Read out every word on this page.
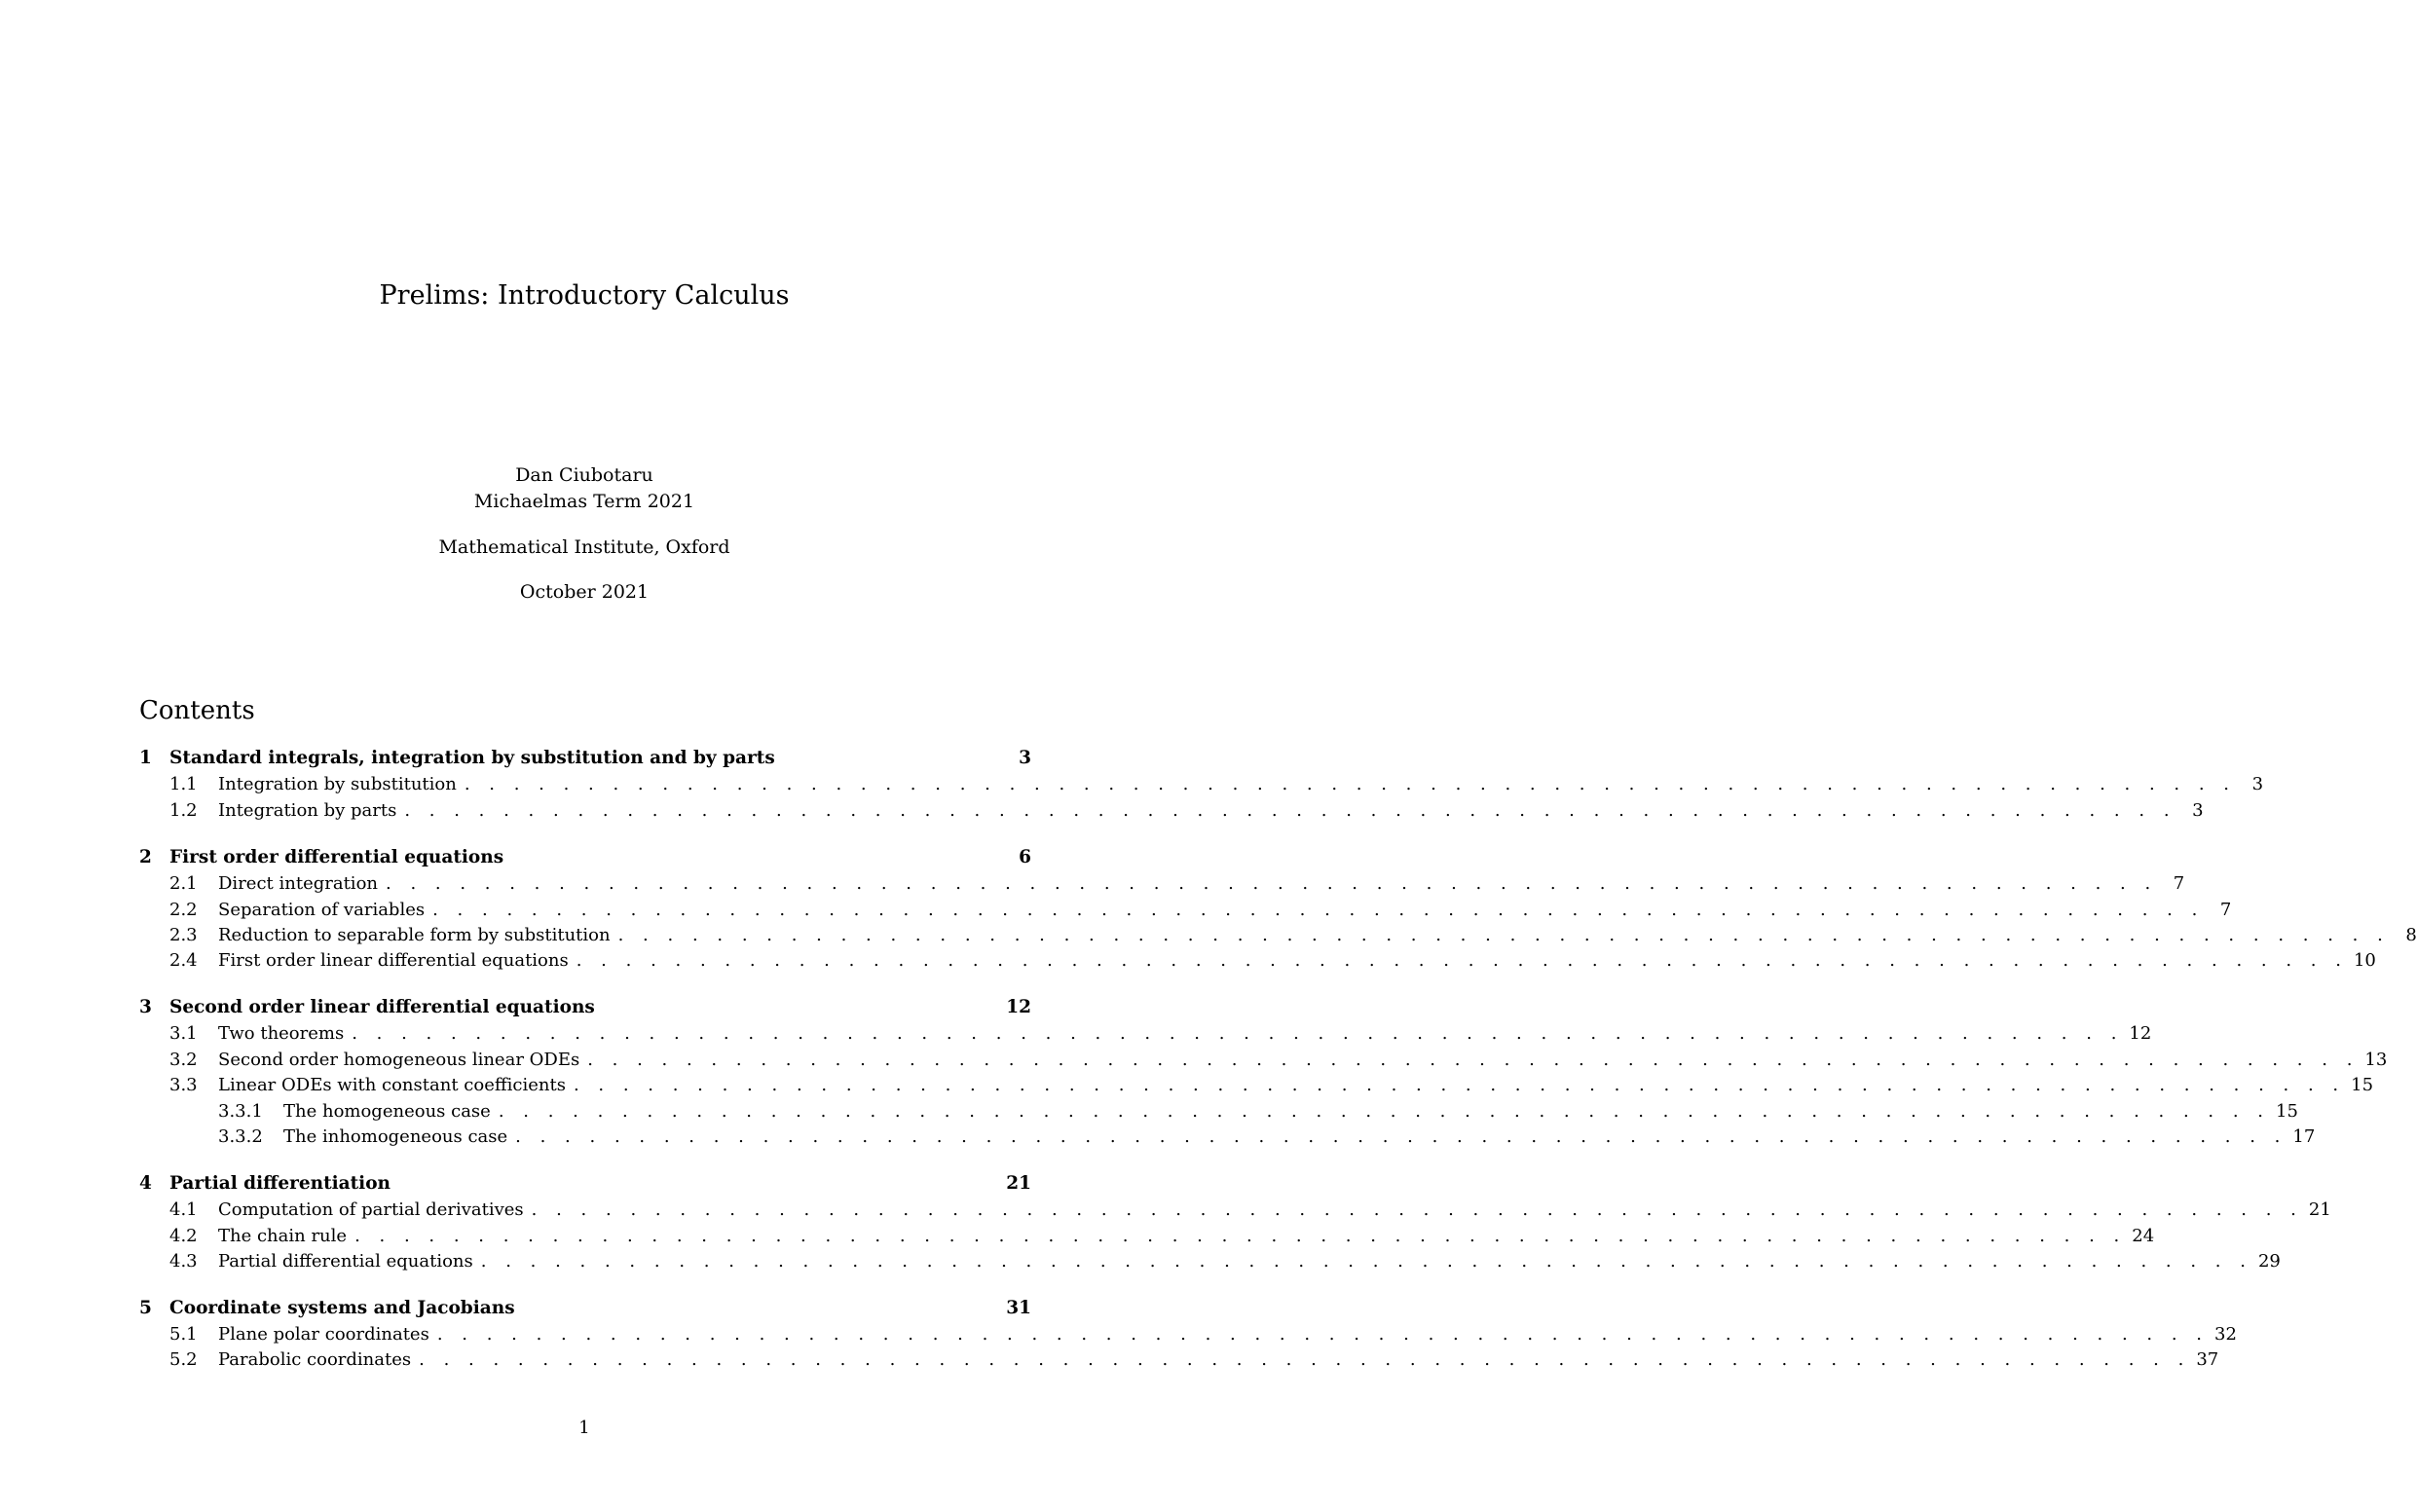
Prelims: Introductory Calculus
Dan Ciubotaru
Michaelmas Term 2021
Mathematical Institute, Oxford
October 2021
Contents
1 Standard integrals, integration by substitution and by parts	3
1.1	Integration by substitution . . . . . . . . . . . . . . . . . . . . . . . . . . . . . . . . . . . . . . . . . . . . . . . . . . . . . . . . . . . . . . . . . . . . . . . . 3
1.2	Integration by parts . . . . . . . . . . . . . . . . . . . . . . . . . . . . . . . . . . . . . . . . . . . . . . . . . . . . . . . . . . . . . . . . . . . . . . . . 3
2 First order differential equations	6
2.1	Direct integration . . . . . . . . . . . . . . . . . . . . . . . . . . . . . . . . . . . . . . . . . . . . . . . . . . . . . . . . . . . . . . . . . . . . . . . . 7
2.2	Separation of variables . . . . . . . . . . . . . . . . . . . . . . . . . . . . . . . . . . . . . . . . . . . . . . . . . . . . . . . . . . . . . . . . . . . . . . . . 7
2.3	Reduction to separable form by substitution . . . . . . . . . . . . . . . . . . . . . . . . . . . . . . . . . . . . . . . . . . . . . . . . . . . . . . . . . . . . . . . . . . . . . . . . 8
2.4	First order linear differential equations . . . . . . . . . . . . . . . . . . . . . . . . . . . . . . . . . . . . . . . . . . . . . . . . . . . . . . . . . . . . . . . . . . . . . . . . 10
3 Second order linear differential equations	12
3.1	Two theorems . . . . . . . . . . . . . . . . . . . . . . . . . . . . . . . . . . . . . . . . . . . . . . . . . . . . . . . . . . . . . . . . . . . . . . . . 12
3.2	Second order homogeneous linear ODEs . . . . . . . . . . . . . . . . . . . . . . . . . . . . . . . . . . . . . . . . . . . . . . . . . . . . . . . . . . . . . . . . . . . . . . . . 13
3.3	Linear ODEs with constant coefficients . . . . . . . . . . . . . . . . . . . . . . . . . . . . . . . . . . . . . . . . . . . . . . . . . . . . . . . . . . . . . . . . . . . . . . . . 15
3.3.1	The homogeneous case . . . . . . . . . . . . . . . . . . . . . . . . . . . . . . . . . . . . . . . . . . . . . . . . . . . . . . . . . . . . . . . . . . . . . . . . 15
3.3.2	The inhomogeneous case . . . . . . . . . . . . . . . . . . . . . . . . . . . . . . . . . . . . . . . . . . . . . . . . . . . . . . . . . . . . . . . . . . . . . . . . 17
4 Partial differentiation	21
4.1	Computation of partial derivatives . . . . . . . . . . . . . . . . . . . . . . . . . . . . . . . . . . . . . . . . . . . . . . . . . . . . . . . . . . . . . . . . . . . . . . . . 21
4.2	The chain rule . . . . . . . . . . . . . . . . . . . . . . . . . . . . . . . . . . . . . . . . . . . . . . . . . . . . . . . . . . . . . . . . . . . . . . . . 24
4.3	Partial differential equations . . . . . . . . . . . . . . . . . . . . . . . . . . . . . . . . . . . . . . . . . . . . . . . . . . . . . . . . . . . . . . . . . . . . . . . . 29
5 Coordinate systems and Jacobians	31
5.1	Plane polar coordinates . . . . . . . . . . . . . . . . . . . . . . . . . . . . . . . . . . . . . . . . . . . . . . . . . . . . . . . . . . . . . . . . . . . . . . . . 32
5.2	Parabolic coordinates . . . . . . . . . . . . . . . . . . . . . . . . . . . . . . . . . . . . . . . . . . . . . . . . . . . . . . . . . . . . . . . . . . . . . . . . 37
1
